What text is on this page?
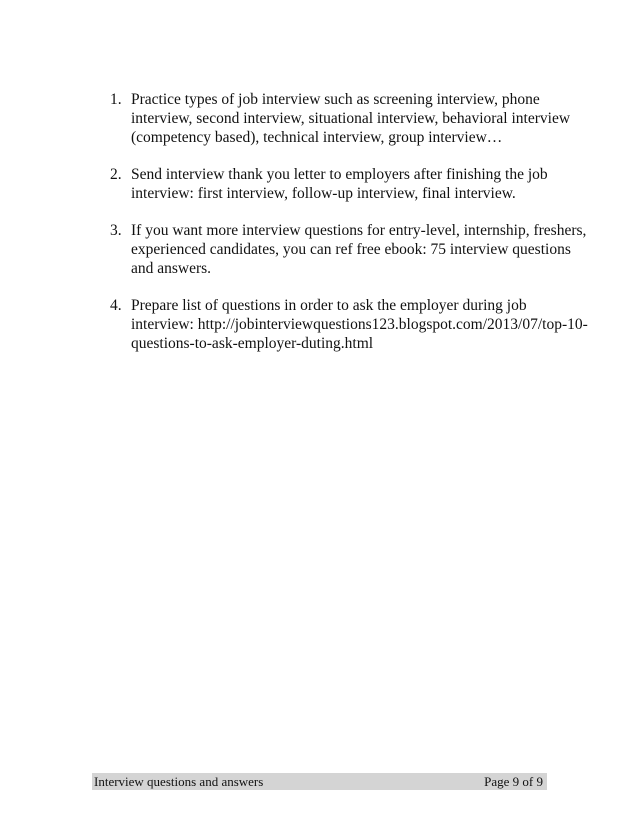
1. Practice types of job interview such as screening interview, phone interview, second interview, situational interview, behavioral interview (competency based), technical interview, group interview…
2. Send interview thank you letter to employers after finishing the job interview: first interview, follow-up interview, final interview.
3. If you want more interview questions for entry-level, internship, freshers, experienced candidates, you can ref free ebook: 75 interview questions and answers.
4. Prepare list of questions in order to ask the employer during job interview: http://jobinterviewquestions123.blogspot.com/2013/07/top-10-questions-to-ask-employer-duting.html
Interview questions and answers	Page 9 of 9
